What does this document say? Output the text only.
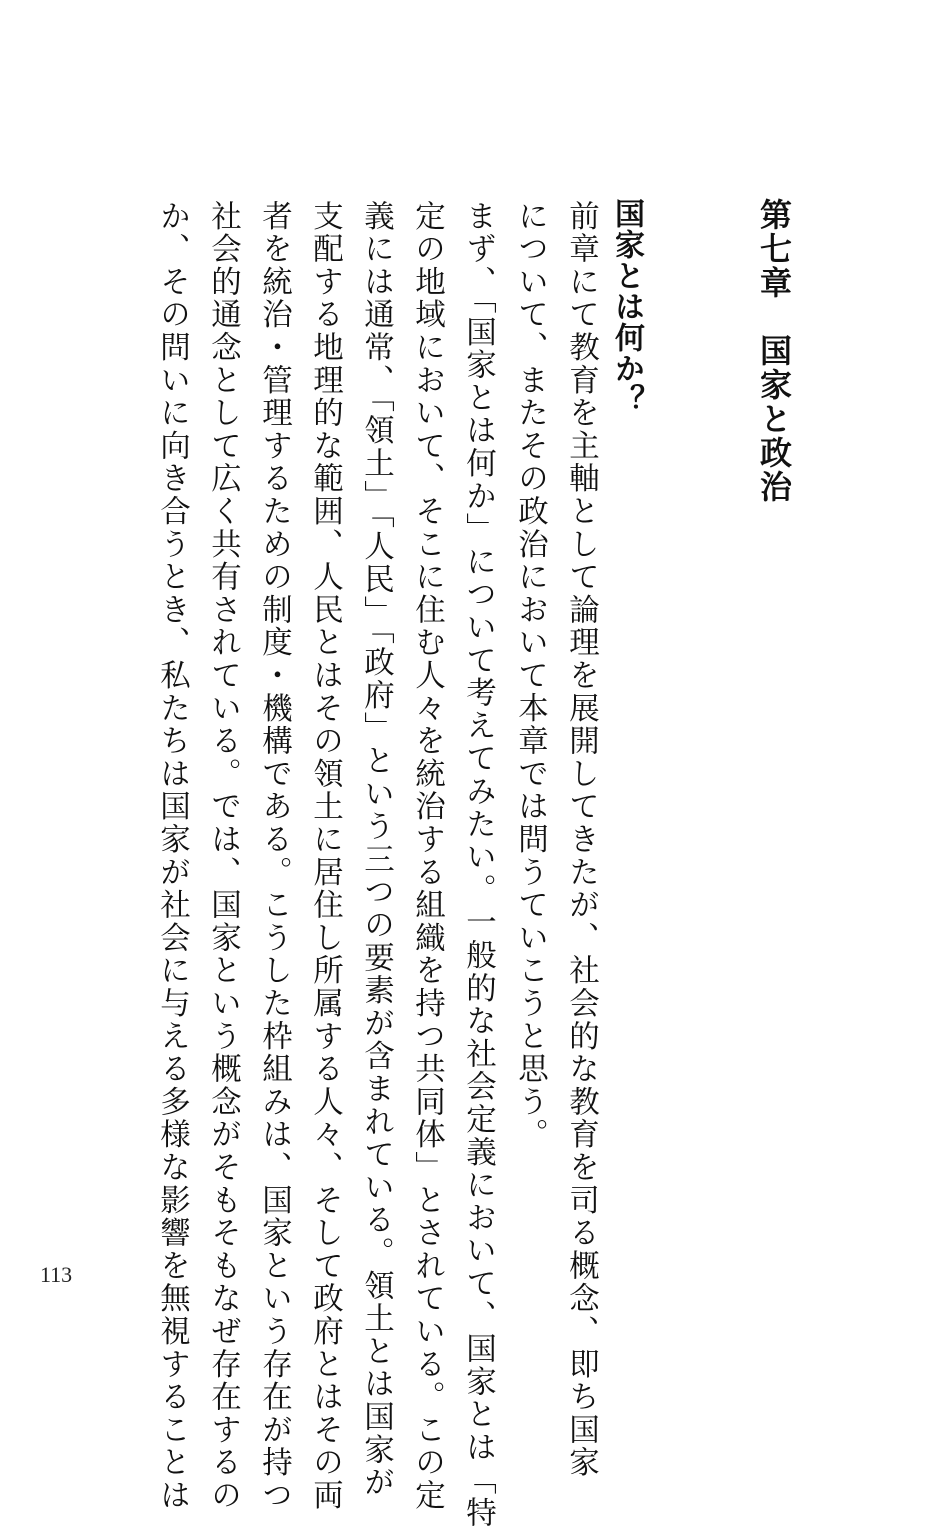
第七章　国家と政治
国家とは何か？
前章にて教育を主軸として論理を展開してきたが、社会的な教育を司る概念、即ち国家
について、またその政治において本章では問うていこうと思う。
まず、「国家とは何か」について考えてみたい。一般的な社会定義において、国家とは「特
定の地域において、そこに住む人々を統治する組織を持つ共同体」とされている。この定
義には通常、「領土」「人民」「政府」という三つの要素が含まれている。領土とは国家が
支配する地理的な範囲、人民とはその領土に居住し所属する人々、そして政府とはその両
者を統治・管理するための制度・機構である。こうした枠組みは、国家という存在が持つ
社会的通念として広く共有されている。では、国家という概念がそもそもなぜ存在するの
か、その問いに向き合うとき、私たちは国家が社会に与える多様な影響を無視することは
113
